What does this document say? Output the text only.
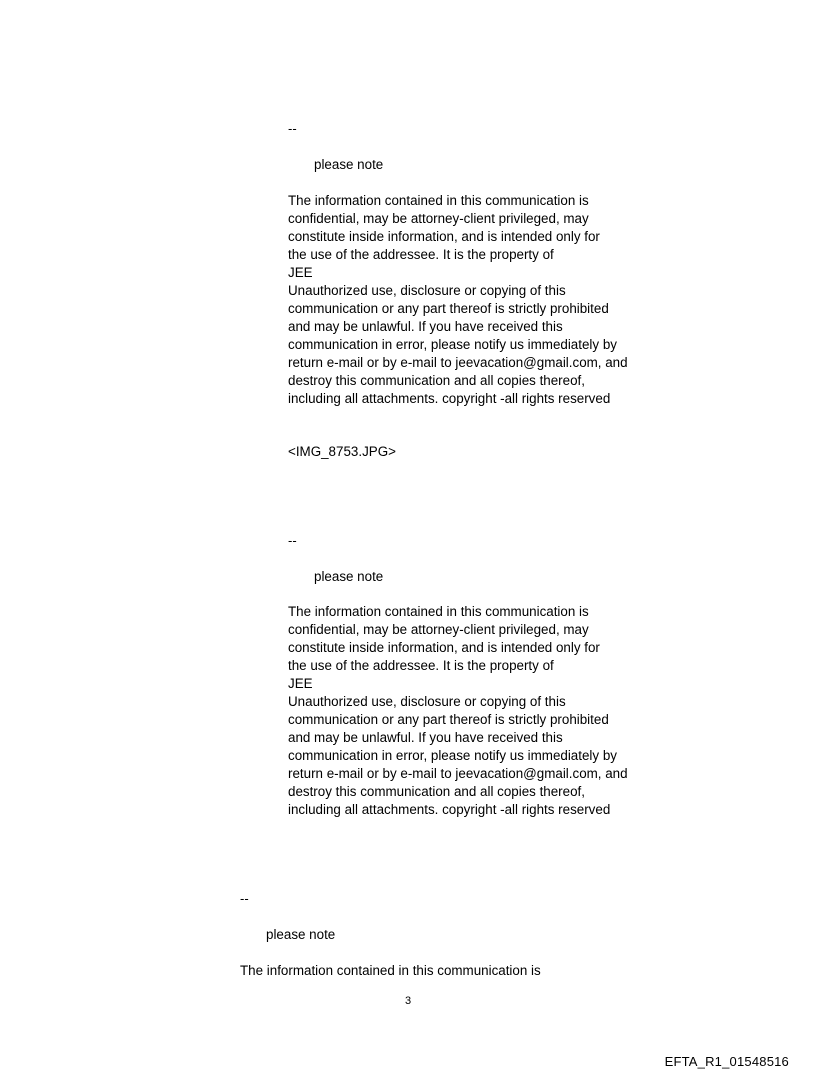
--
please note
The information contained in this communication is
confidential, may be attorney-client privileged, may
constitute inside information, and is intended only for
the use of the addressee. It is the property of
JEE
Unauthorized use, disclosure or copying of this
communication or any part thereof is strictly prohibited
and may be unlawful. If you have received this
communication in error, please notify us immediately by
return e-mail or by e-mail to jeevacation@gmail.com, and
destroy this communication and all copies thereof,
including all attachments. copyright -all rights reserved
<IMG_8753.JPG>
--
please note
The information contained in this communication is
confidential, may be attorney-client privileged, may
constitute inside information, and is intended only for
the use of the addressee. It is the property of
JEE
Unauthorized use, disclosure or copying of this
communication or any part thereof is strictly prohibited
and may be unlawful. If you have received this
communication in error, please notify us immediately by
return e-mail or by e-mail to jeevacation@gmail.com, and
destroy this communication and all copies thereof,
including all attachments. copyright -all rights reserved
--
please note
The information contained in this communication is
3
EFTA_R1_01548516
